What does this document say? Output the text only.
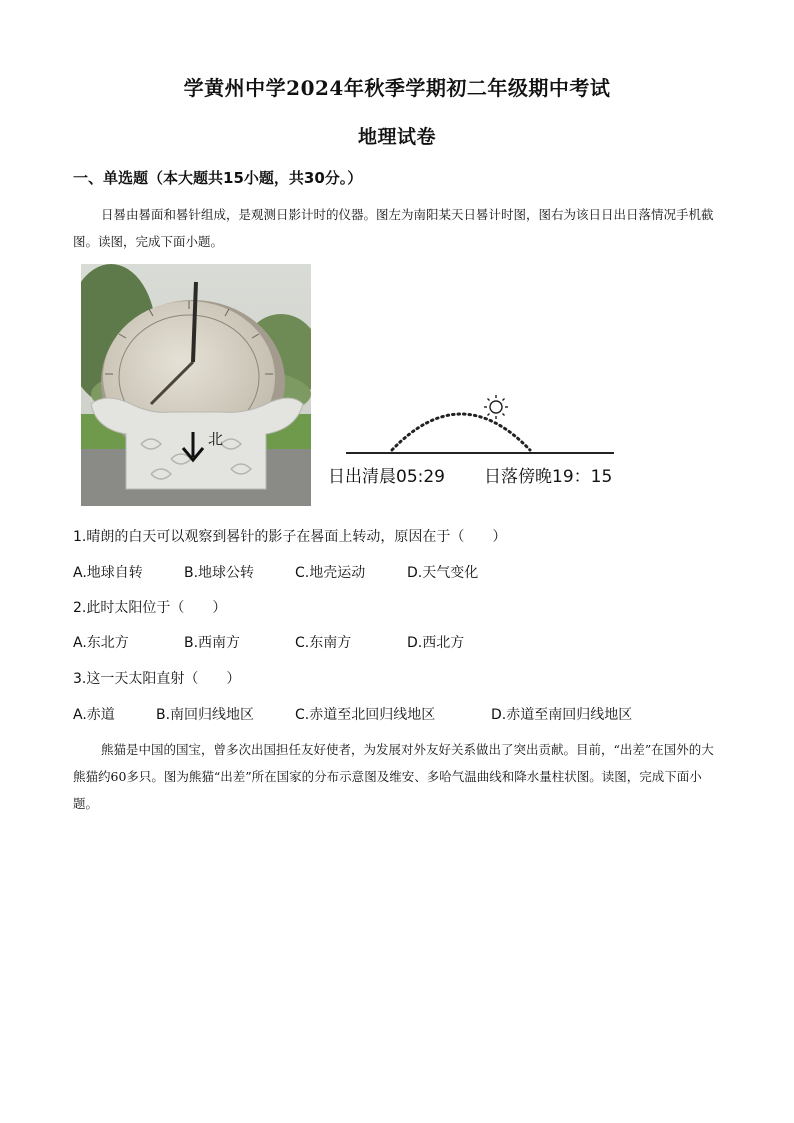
学黄州中学2024年秋季学期初二年级期中考试
地理试卷
一、单选题（本大题共15小题，共30分。）
日晷由晷面和晷针组成，是观测日影计时的仪器。图左为南阳某天日晷计时图，图右为该日日出日落情况手机截图。读图，完成下面小题。
北
日出清晨05:29 日落傍晚19：15
1.晴朗的白天可以观察到晷针的影子在晷面上转动，原因在于（　　）
A.地球自转	B.地球公转	C.地壳运动	D.天气变化
2.此时太阳位于（　　）
A.东北方	B.西南方	C.东南方	D.西北方
3.这一天太阳直射（　　）
A.赤道	B.南回归线地区	C.赤道至北回归线地区	D.赤道至南回归线地区
熊猫是中国的国宝，曾多次出国担任友好使者，为发展对外友好关系做出了突出贡献。目前，“出差”在国外的大熊猫约60多只。图为熊猫“出差”所在国家的分布示意图及维安、多哈气温曲线和降水量柱状图。读图，完成下面小题。
